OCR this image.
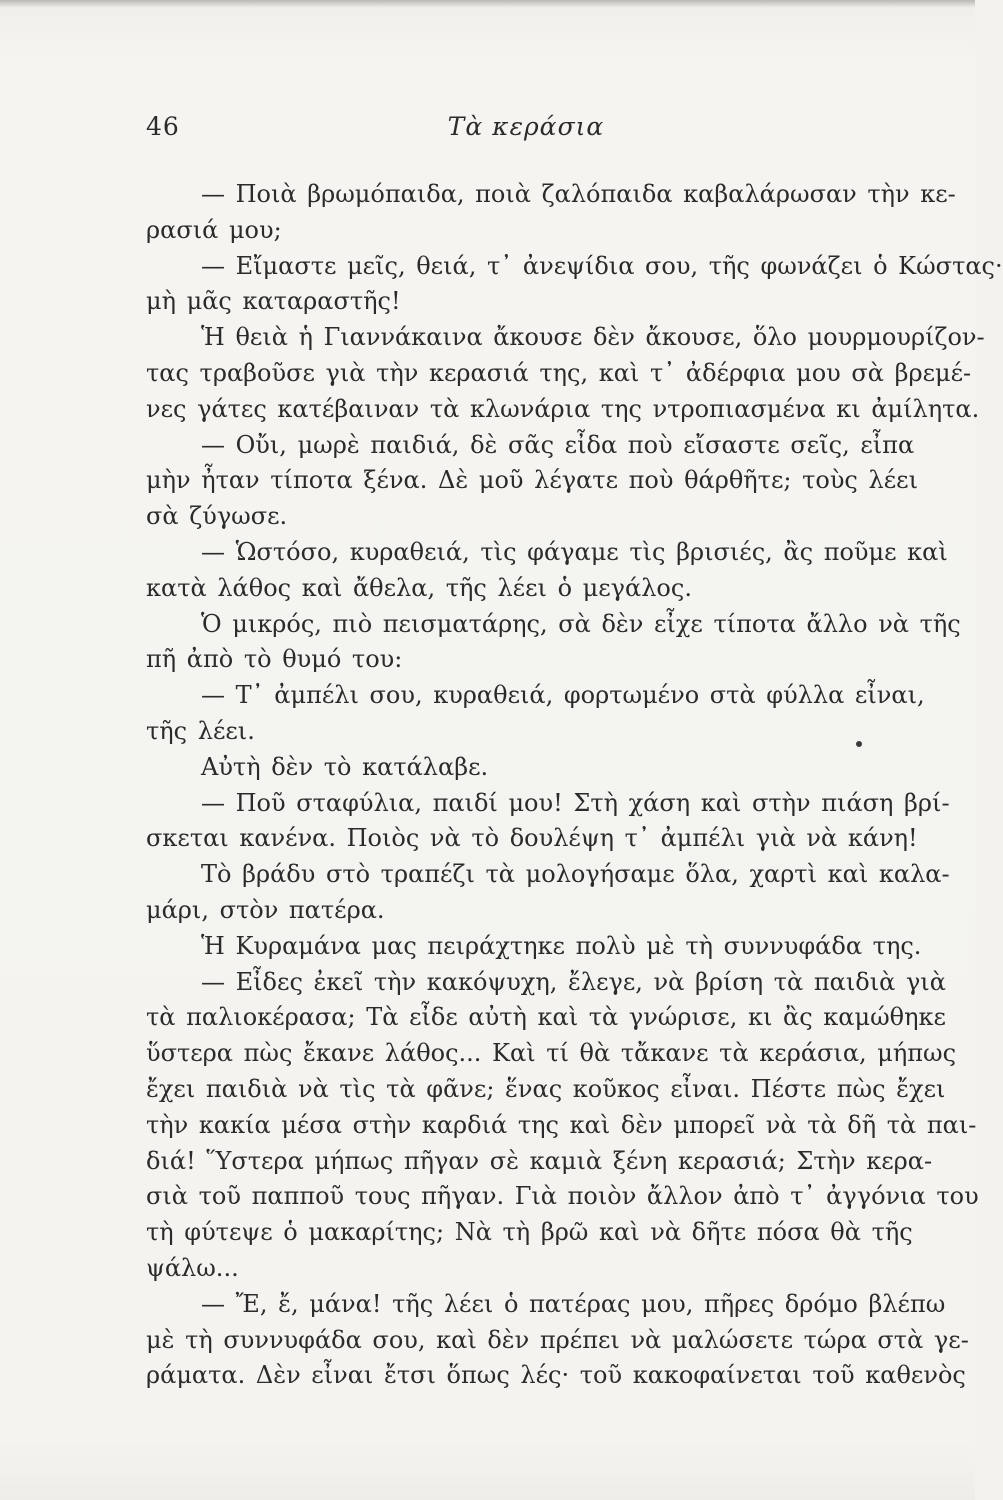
Τὰ κεράσια
46
— Ποιὰ βρωμόπαιδα, ποιὰ ζαλόπαιδα καβαλάρωσαν τὴν κε-
ρασιά μου;
— Εἴμαστε μεῖς, θειά, τ᾽ ἀνεψίδια σου, τῆς φωνάζει ὁ Κώστας·
μὴ μᾶς καταραστῆς!
Ἡ θειὰ ἡ Γιαννάκαινα ἄκουσε δὲν ἄκουσε, ὅλο μουρμουρίζον-
τας τραβοῦσε γιὰ τὴν κερασιά της, καὶ τ᾽ ἀδέρφια μου σὰ βρεμέ-
νες γάτες κατέβαιναν τὰ κλωνάρια της ντροπιασμένα κι ἀμίλητα.
— Οὔι, μωρὲ παιδιά, δὲ σᾶς εἶδα ποὺ εἴσαστε σεῖς, εἶπα
μὴν ἦταν τίποτα ξένα. Δὲ μοῦ λέγατε ποὺ θάρθῆτε; τοὺς λέει
σὰ ζύγωσε.
— Ὡστόσο, κυραθειά, τὶς φάγαμε τὶς βρισιές, ἂς ποῦμε καὶ
κατὰ λάθος καὶ ἄθελα, τῆς λέει ὁ μεγάλος.
Ὁ μικρός, πιὸ πεισματάρης, σὰ δὲν εἶχε τίποτα ἄλλο νὰ τῆς
πῆ ἀπὸ τὸ θυμό του:
— Τ᾽ ἀμπέλι σου, κυραθειά, φορτωμένο στὰ φύλλα εἶναι,
τῆς λέει.
Αὐτὴ δὲν τὸ κατάλαβε.
— Ποῦ σταφύλια, παιδί μου! Στὴ χάση καὶ στὴν πιάση βρί-
σκεται κανένα. Ποιὸς νὰ τὸ δουλέψη τ᾽ ἀμπέλι γιὰ νὰ κάνη!
Τὸ βράδυ στὸ τραπέζι τὰ μολογήσαμε ὅλα, χαρτὶ καὶ καλα-
μάρι, στὸν πατέρα.
Ἡ Κυραμάνα μας πειράχτηκε πολὺ μὲ τὴ συννυφάδα της.
— Εἶδες ἐκεῖ τὴν κακόψυχη, ἔλεγε, νὰ βρίση τὰ παιδιὰ γιὰ
τὰ παλιοκέρασα; Τὰ εἶδε αὐτὴ καὶ τὰ γνώρισε, κι ἂς καμώθηκε
ὕστερα πὼς ἔκανε λάθος... Καὶ τί θὰ τἄκανε τὰ κεράσια, μήπως
ἔχει παιδιὰ νὰ τὶς τὰ φᾶνε; ἕνας κοῦκος εἶναι. Πέστε πὼς ἔχει
τὴν κακία μέσα στὴν καρδιά της καὶ δὲν μπορεῖ νὰ τὰ δῆ τὰ παι-
διά! Ὕστερα μήπως πῆγαν σὲ καμιὰ ξένη κερασιά; Στὴν κερα-
σιὰ τοῦ παπποῦ τους πῆγαν. Γιὰ ποιὸν ἄλλον ἀπὸ τ᾽ ἀγγόνια του
τὴ φύτεψε ὁ μακαρίτης; Νὰ τὴ βρῶ καὶ νὰ δῆτε πόσα θὰ τῆς
ψάλω...
— Ἔ, ἔ, μάνα! τῆς λέει ὁ πατέρας μου, πῆρες δρόμο βλέπω
μὲ τὴ συννυφάδα σου, καὶ δὲν πρέπει νὰ μαλώσετε τώρα στὰ γε-
ράματα. Δὲν εἶναι ἔτσι ὅπως λές· τοῦ κακοφαίνεται τοῦ καθενὸς
